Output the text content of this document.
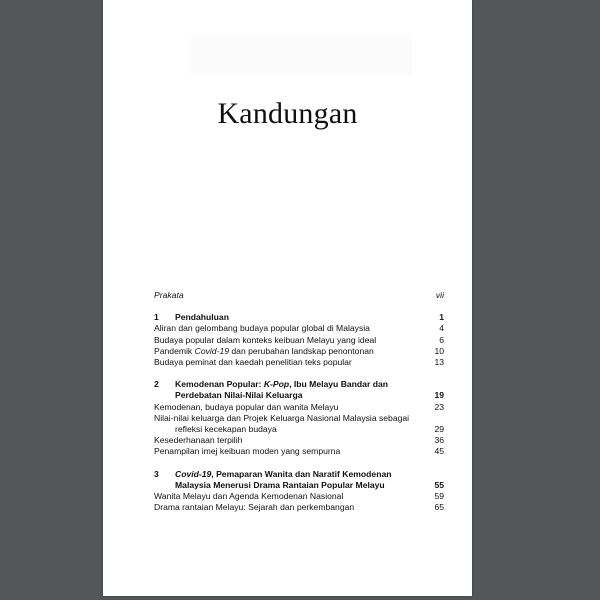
Kandungan
Prakata	vii
1	Pendahuluan	1
Aliran dan gelombang budaya popular global di Malaysia	4
Budaya popular dalam konteks keibuan Melayu yang ideal	6
Pandemik Covid-19 dan perubahan landskap penontonan	10
Budaya peminat dan kaedah penelitian teks popular	13
2	Kemodenan Popular: K-Pop, Ibu Melayu Bandar dan
Perdebatan Nilai-Nilai Keluarga	19
Kemodenan, budaya popular dan wanita Melayu	23
Nilai-nilai keluarga dan Projek Keluarga Nasional Malaysia sebagai
refleksi kecekapan budaya	29
Kesederhanaan terpilih	36
Penampilan imej keibuan moden yang sempurna	45
3	Covid-19, Pemaparan Wanita dan Naratif Kemodenan
Malaysia Menerusi Drama Rantaian Popular Melayu	55
Wanita Melayu dan Agenda Kemodenan Nasional	59
Drama rantaian Melayu: Sejarah dan perkembangan	65
